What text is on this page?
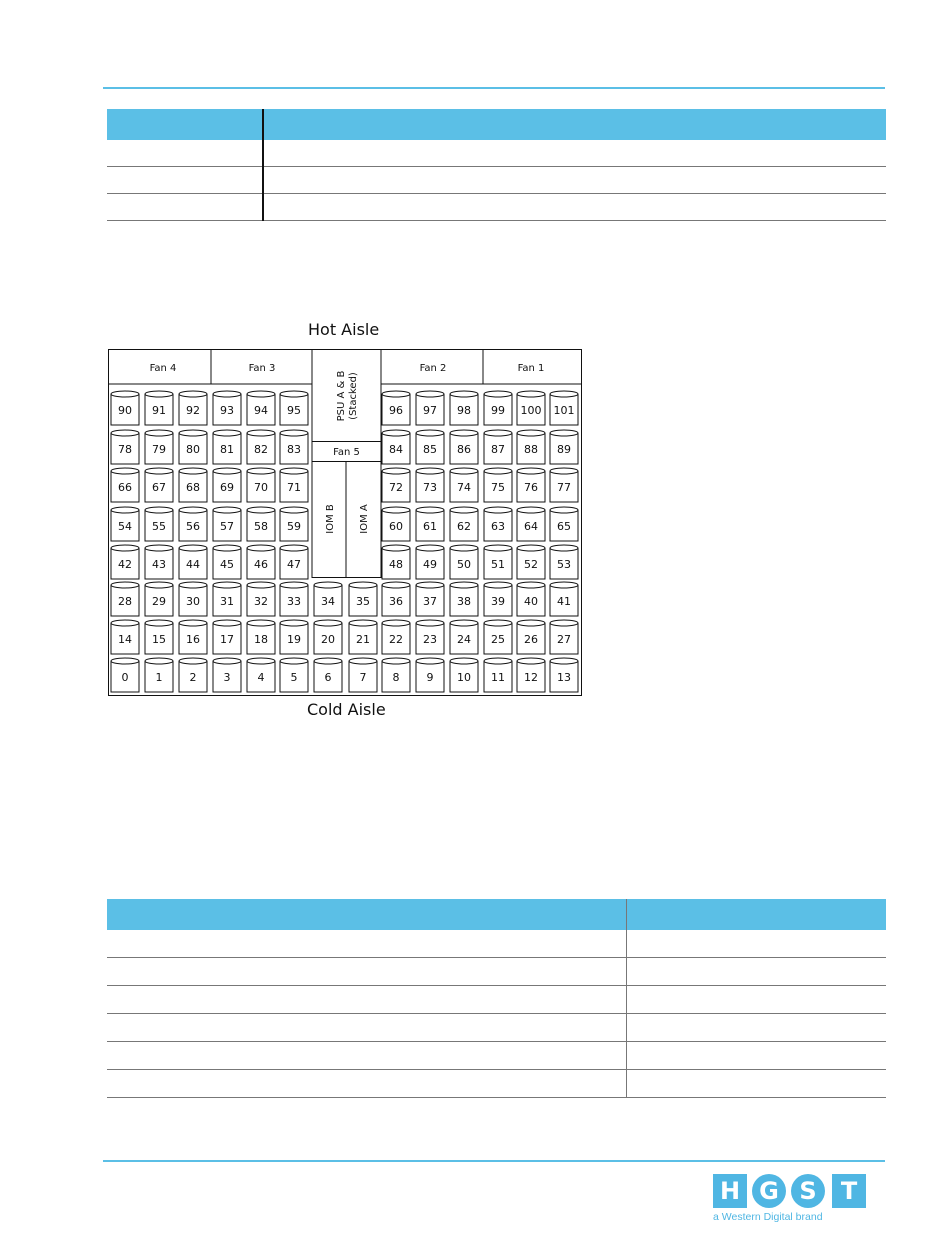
Hot Aisle
Fan 4	Fan 3	Fan 2	Fan 1
PSU A & B (Stacked)
Fan 5
IOM B IOM A
90 91 92 93 94 95	96 97 98 99 100 101
78 79 80 81 82 83	84 85 86 87 88 89
66 67 68 69 70 71	72 73 74 75 76 77
54 55 56 57 58 59	60 61 62 63 64 65
42 43 44 45 46 47	48 49 50 51 52 53
28 29 30 31 32 33 34 35 36 37 38 39 40 41
14 15 16 17 18 19 20 21 22 23 24 25 26 27
0 1 2 3 4 5 6	7 8 9 10 11 12 13
Cold Aisle

H G S	T
a Western Digital brand
